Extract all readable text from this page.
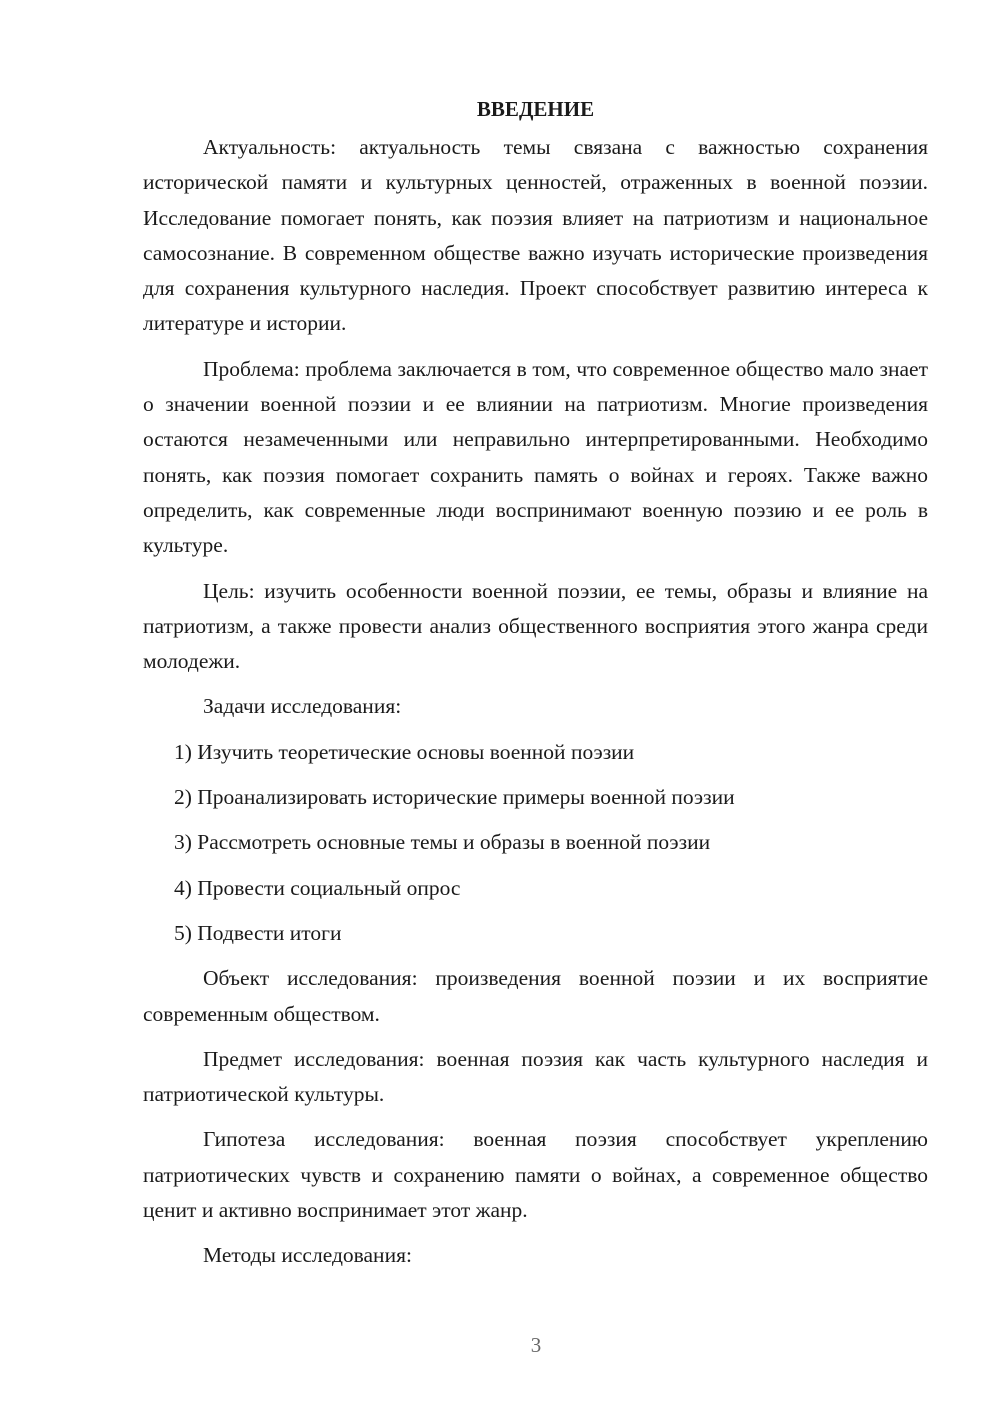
ВВЕДЕНИЕ

Актуальность: актуальность темы связана с важностью сохранения исторической памяти и культурных ценностей, отраженных в военной поэзии. Исследование помогает понять, как поэзия влияет на патриотизм и национальное самосознание. В современном обществе важно изучать исторические произведения для сохранения культурного наследия. Проект способствует развитию интереса к литературе и истории.

Проблема: проблема заключается в том, что современное общество мало знает о значении военной поэзии и ее влиянии на патриотизм. Многие произведения остаются незамеченными или неправильно интерпретированными. Необходимо понять, как поэзия помогает сохранить память о войнах и героях. Также важно определить, как современные люди воспринимают военную поэзию и ее роль в культуре.

Цель: изучить особенности военной поэзии, ее темы, образы и влияние на патриотизм, а также провести анализ общественного восприятия этого жанра среди молодежи.

Задачи исследования:

1) Изучить теоретические основы военной поэзии

2) Проанализировать исторические примеры военной поэзии

3) Рассмотреть основные темы и образы в военной поэзии

4) Провести социальный опрос

5) Подвести итоги

Объект исследования: произведения военной поэзии и их восприятие современным обществом.

Предмет исследования: военная поэзия как часть культурного наследия и патриотической культуры.

Гипотеза исследования: военная поэзия способствует укреплению патриотических чувств и сохранению памяти о войнах, а современное общество ценит и активно воспринимает этот жанр.

Методы исследования:

3
